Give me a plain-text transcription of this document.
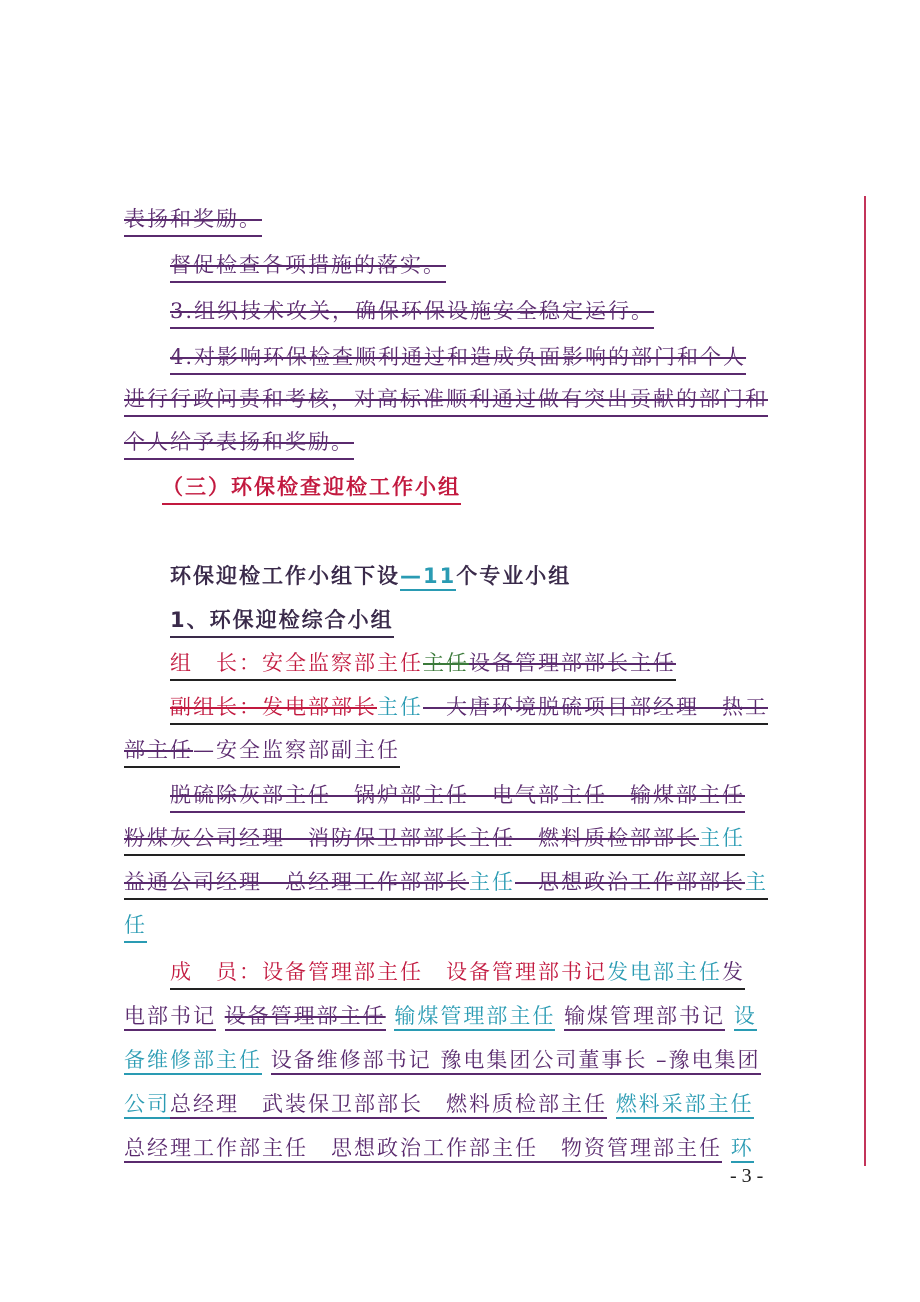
表扬和奖励。
督促检查各项措施的落实。
3.组织技术攻关，确保环保设施安全稳定运行。
4.对影响环保检查顺利通过和造成负面影响的部门和个人
进行行政问责和考核，对高标准顺利通过做有突出贡献的部门和
个人给予表扬和奖励。
（三）环保检查迎检工作小组
环保迎检工作小组下设—11个专业小组
1、环保迎检综合小组
组　长：安全监察部主任主任设备管理部部长主任
副组长：发电部部长主任　大唐环境脱硫项目部经理　热工
部主任—安全监察部副主任
脱硫除灰部主任　锅炉部主任　电气部主任　输煤部主任
粉煤灰公司经理　消防保卫部部长主任　燃料质检部部长主任
益通公司经理　总经理工作部部长主任　思想政治工作部部长主
任
成　员：设备管理部主任　设备管理部书记发电部主任发
电部书记 设备管理部主任 输煤管理部主任 输煤管理部书记 设
备维修部主任 设备维修部书记 豫电集团公司董事长 –豫电集团
公司总经理　武装保卫部部长　燃料质检部主任 燃料采部主任
总经理工作部主任　思想政治工作部主任　物资管理部主任 环
- 3 -
